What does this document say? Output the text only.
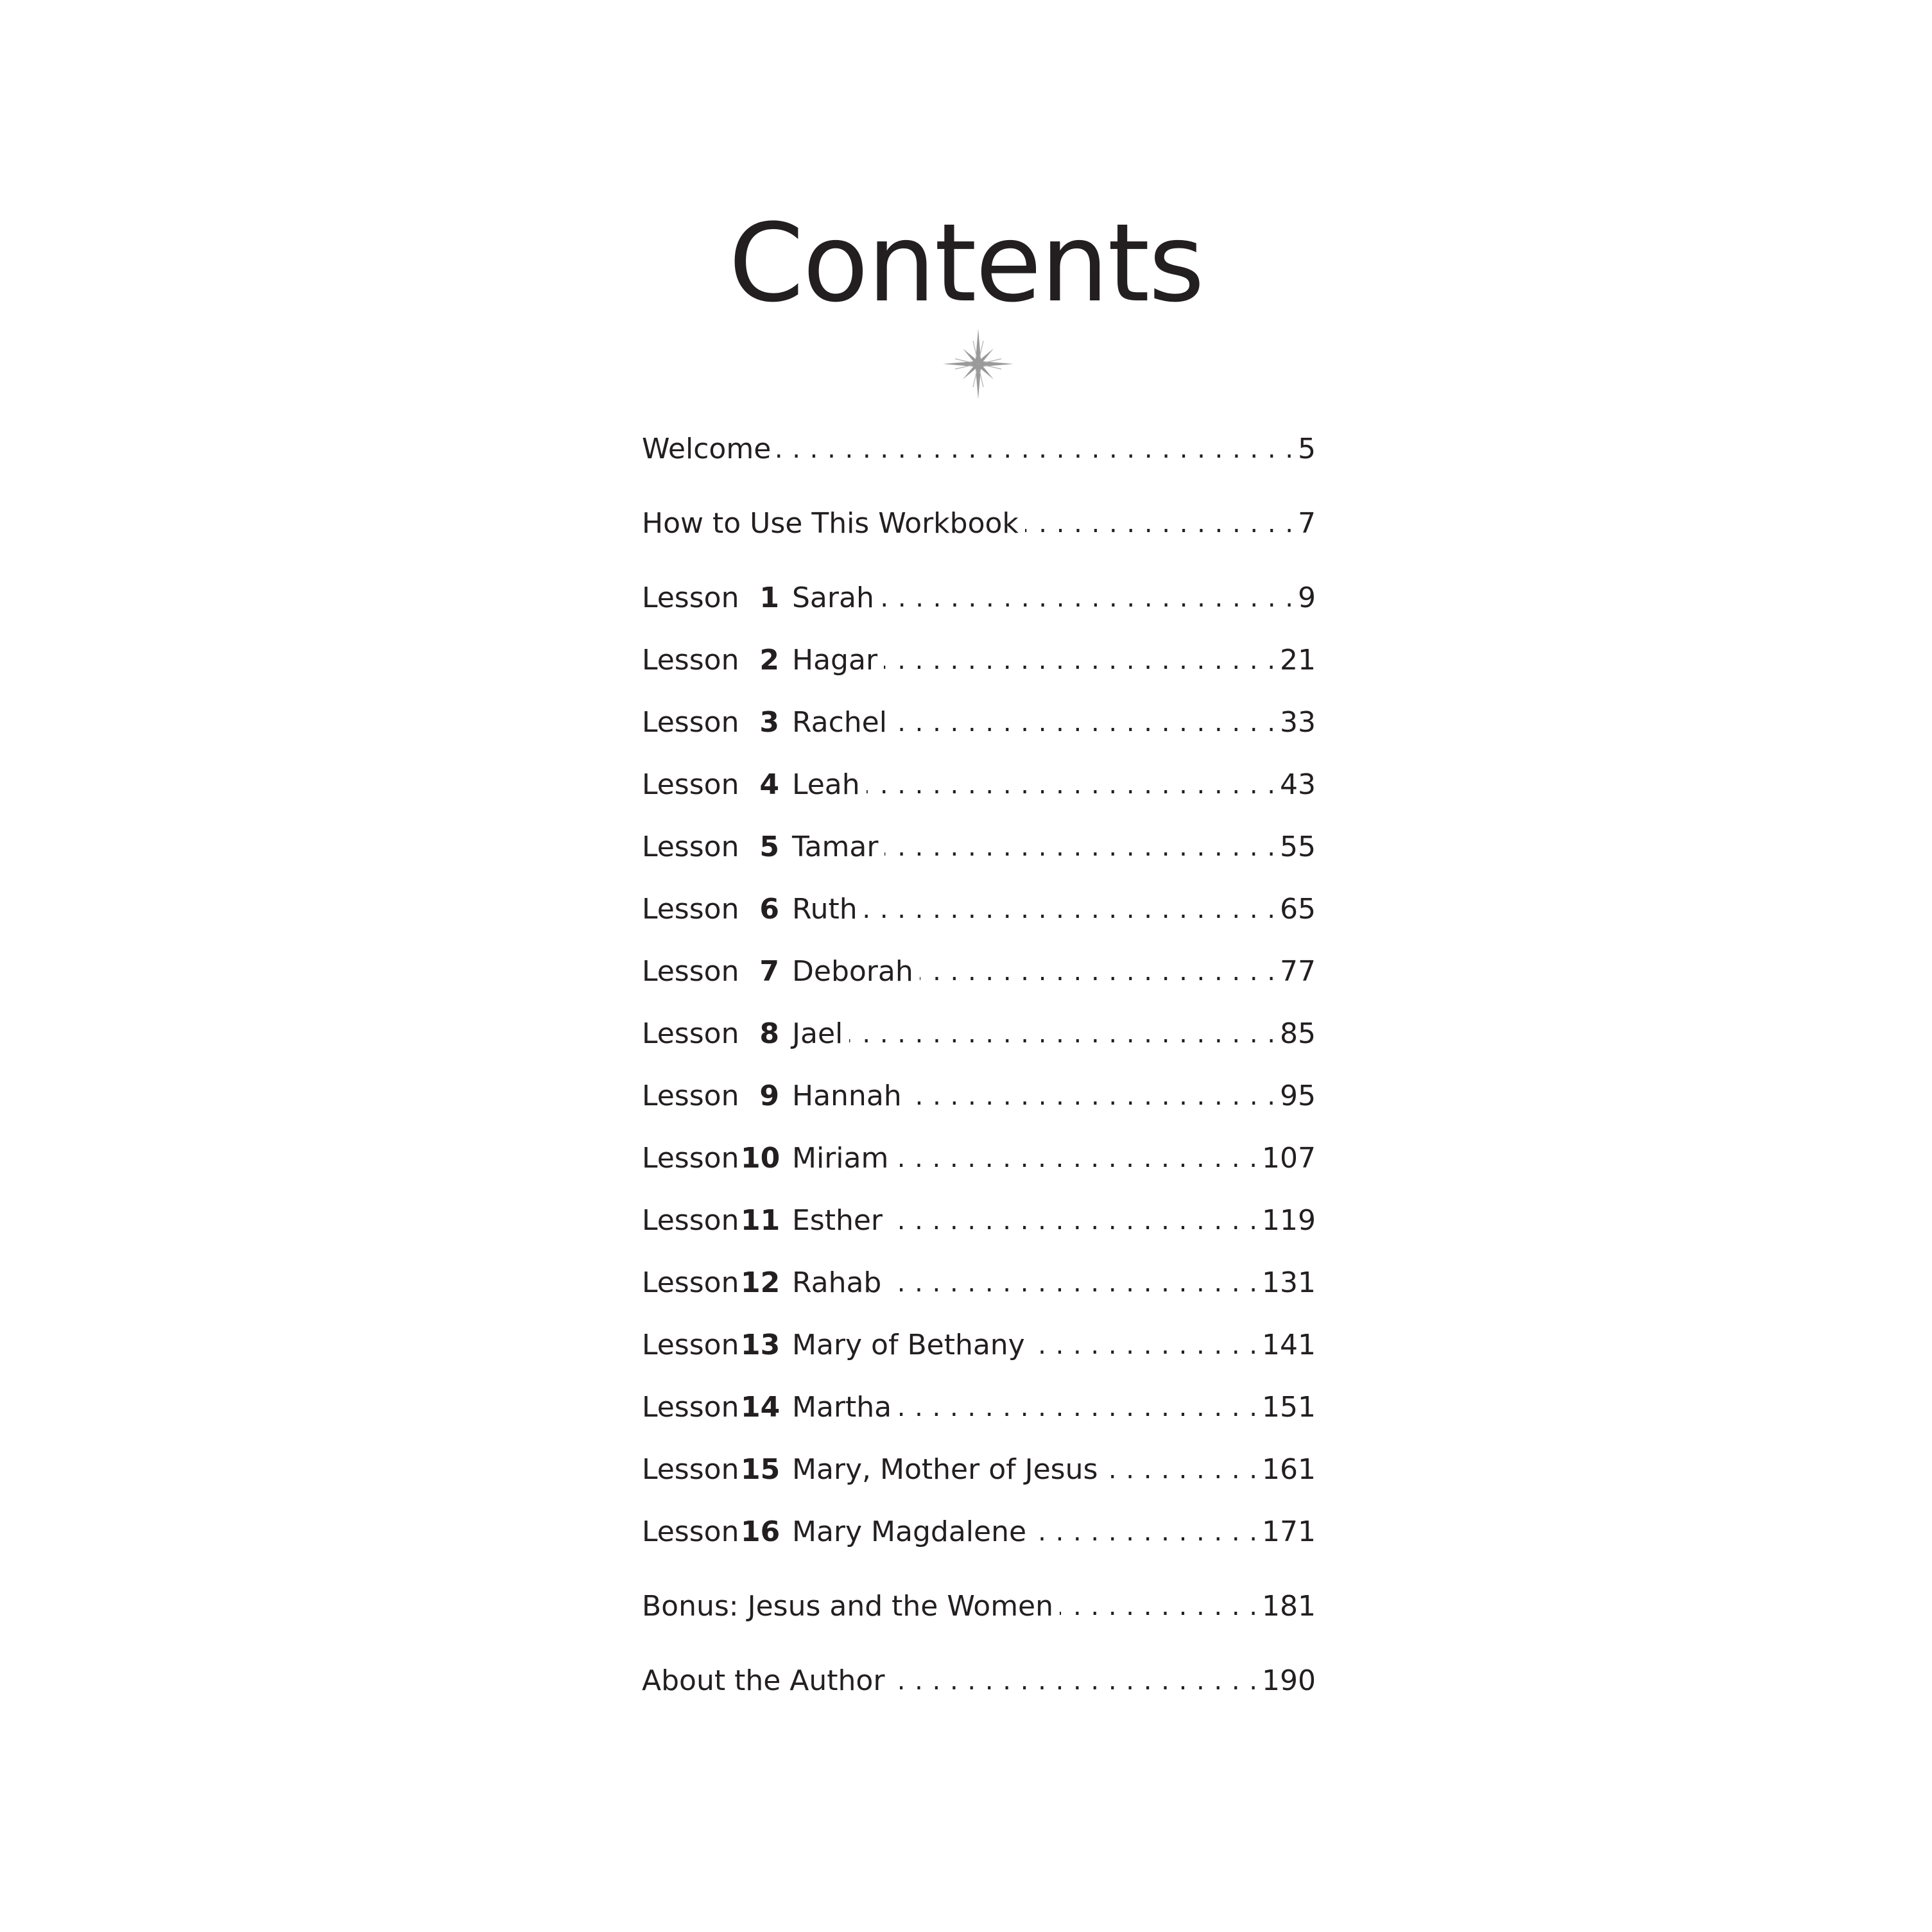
Contents
Welcome . . .	5
How to Use This Workbook . . .	7
Lesson 1 Sarah . . .	9
Lesson 2 Hagar . . .	21
Lesson 3 Rachel . . .	33
Lesson 4 Leah . . .	43
Lesson 5 Tamar . . .	55
Lesson 6 Ruth . . .	65
Lesson 7 Deborah . . .	77
Lesson 8 Jael . . .	85
Lesson 9 Hannah . . .	95
Lesson 10 Miriam . . .	107
Lesson 11 Esther . . .	119
Lesson 12 Rahab . . .	131
Lesson 13 Mary of Bethany . . .	141
Lesson 14 Martha . . .	151
Lesson 15 Mary, Mother of Jesus . . .	161
Lesson 16 Mary Magdalene . . .	171
Bonus: Jesus and the Women . . .	181
About the Author . . .	190
